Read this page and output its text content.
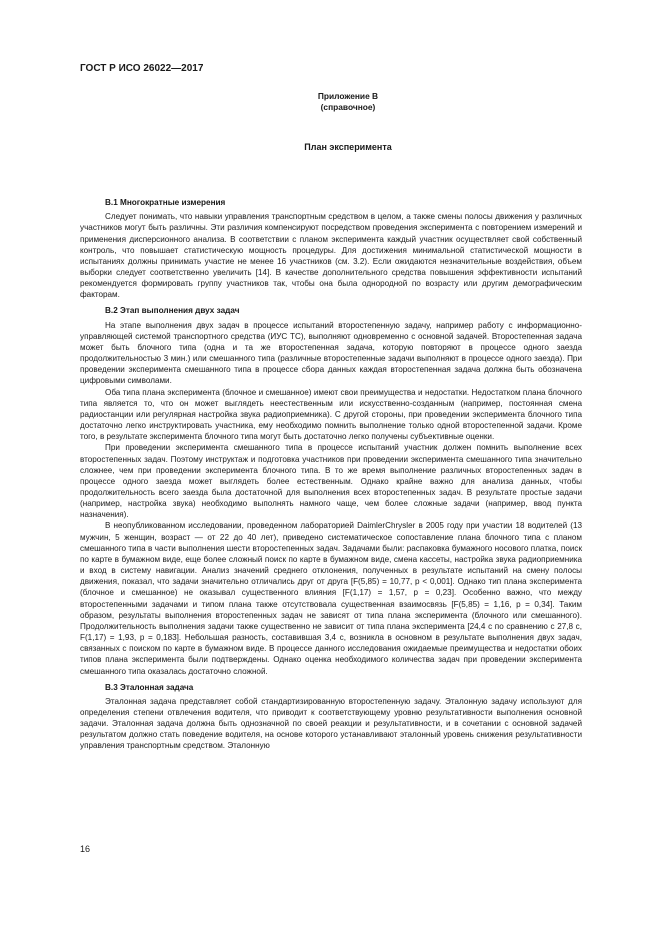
ГОСТ Р ИСО 26022—2017
Приложение В
(справочное)
План эксперимента
В.1 Многократные измерения

Следует понимать, что навыки управления транспортным средством в целом, а также смены полосы движения у различных участников могут быть различны. Эти различия компенсируют посредством проведения эксперимента с повторением измерений и применения дисперсионного анализа. В соответствии с планом эксперимента каждый участник осуществляет свой собственный контроль, что повышает статистическую мощность процедуры. Для достижения минимальной статистической мощности в испытаниях должны принимать участие не менее 16 участников (см. 3.2). Если ожидаются незначительные воздействия, объем выборки следует соответственно увеличить [14]. В качестве дополнительного средства повышения эффективности испытаний рекомендуется формировать группу участников так, чтобы она была однородной по возрасту или другим демографическим факторам.

В.2 Этап выполнения двух задач

На этапе выполнения двух задач в процессе испытаний второстепенную задачу, например работу с информационно-управляющей системой транспортного средства (ИУС ТС), выполняют одновременно с основной задачей. Второстепенная задача может быть блочного типа (одна и та же второстепенная задача, которую повторяют в процессе одного заезда продолжительностью 3 мин.) или смешанного типа (различные второстепенные задачи выполняют в процессе одного заезда). При проведении эксперимента смешанного типа в процессе сбора данных каждая второстепенная задача должна быть обозначена цифровыми символами.

Оба типа плана эксперимента (блочное и смешанное) имеют свои преимущества и недостатки. Недостатком плана блочного типа является то, что он может выглядеть неестественным или искусственно-созданным (например, постоянная смена радиостанции или регулярная настройка звука радиоприемника). С другой стороны, при проведении эксперимента блочного типа достаточно легко инструктировать участника, ему необходимо помнить выполнение только одной второстепенной задачи. Кроме того, в результате эксперимента блочного типа могут быть достаточно легко получены субъективные оценки.

При проведении эксперимента смешанного типа в процессе испытаний участник должен помнить выполнение всех второстепенных задач. Поэтому инструктаж и подготовка участников при проведении эксперимента смешанного типа значительно сложнее, чем при проведении эксперимента блочного типа. В то же время выполнение различных второстепенных задач в процессе одного заезда может выглядеть более естественным. Однако крайне важно для анализа данных, чтобы продолжительность всего заезда была достаточной для выполнения всех второстепенных задач. В результате простые задачи (например, настройка звука) необходимо выполнять намного чаще, чем более сложные задачи (например, ввод пункта назначения).

В неопубликованном исследовании, проведенном лабораторией DaimlerChrysler в 2005 году при участии 18 водителей (13 мужчин, 5 женщин, возраст — от 22 до 40 лет), приведено систематическое сопоставление плана блочного типа с планом смешанного типа в части выполнения шести второстепенных задач. Задачами были: распаковка бумажного носового платка, поиск по карте в бумажном виде, еще более сложный поиск по карте в бумажном виде, смена кассеты, настройка звука радиоприемника и вход в систему навигации. Анализ значений среднего отклонения, полученных в результате испытаний на смену полосы движения, показал, что задачи значительно отличались друг от друга [F(5,85) = 10,77, p < 0,001]. Однако тип плана эксперимента (блочное и смешанное) не оказывал существенного влияния [F(1,17) = 1,57, p = 0,23]. Особенно важно, что между второстепенными задачами и типом плана также отсутствовала существенная взаимосвязь [F(5,85) = 1,16, p = 0,34]. Таким образом, результаты выполнения второстепенных задач не зависят от типа плана эксперимента (блочного или смешанного). Продолжительность выполнения задачи также существенно не зависит от типа плана эксперимента [24,4 с по сравнению с 27,8 с, F(1,17) = 1,93, p = 0,183]. Небольшая разность, составившая 3,4 с, возникла в основном в результате выполнения двух задач, связанных с поиском по карте в бумажном виде. В процессе данного исследования ожидаемые преимущества и недостатки обоих типов плана эксперимента были подтверждены. Однако оценка необходимого количества задач при проведении эксперимента смешанного типа оказалась достаточно сложной.

В.3 Эталонная задача

Эталонная задача представляет собой стандартизированную второстепенную задачу. Эталонную задачу используют для определения степени отвлечения водителя, что приводит к соответствующему уровню результативности выполнения основной задачи. Эталонная задача должна быть однозначной по своей реакции и результативности, и в сочетании с основной задачей результатом должно стать поведение водителя, на основе которого устанавливают эталонный уровень снижения результативности управления транспортным средством. Эталонную

16
